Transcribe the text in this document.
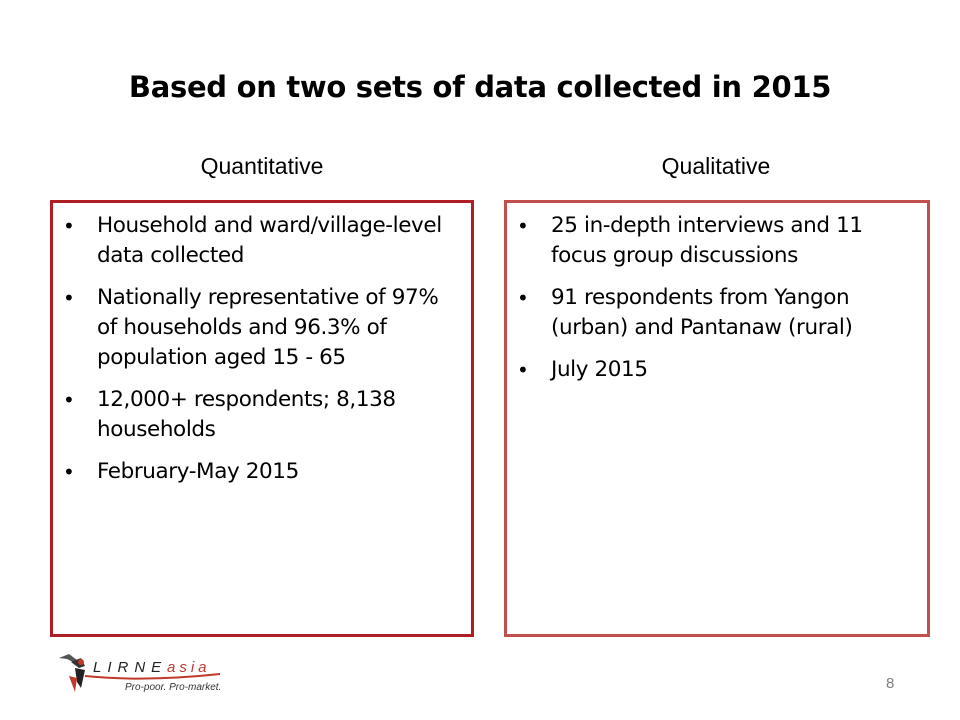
Based on two sets of data collected in 2015
Quantitative	Qualitative
• Household and ward/village-level data collected
• Nationally representative of 97% of households and 96.3% of population aged 15 - 65
• 12,000+ respondents; 8,138 households
• February-May 2015
• 25 in-depth interviews and 11 focus group discussions
• 91 respondents from Yangon (urban) and Pantanaw (rural)
• July 2015
LIRNE asia
Pro-poor. Pro-market.	8
